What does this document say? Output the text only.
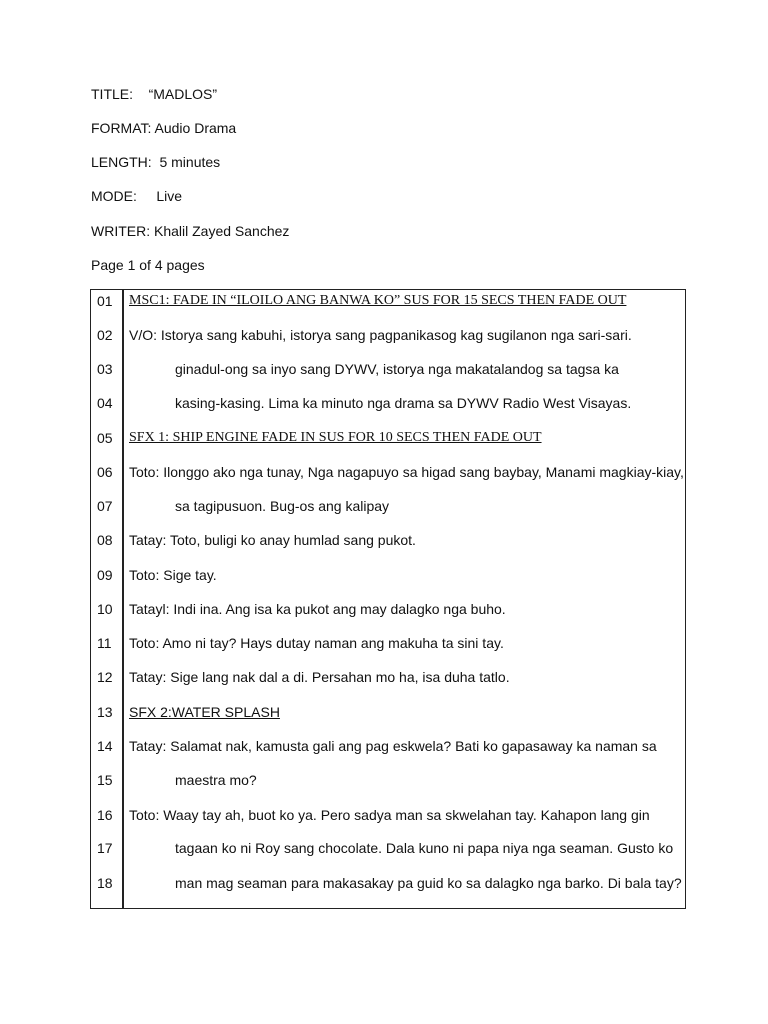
TITLE:    “MADLOS”
FORMAT: Audio Drama
LENGTH:  5 minutes
MODE:     Live
WRITER: Khalil Zayed Sanchez
Page 1 of 4 pages
01	MSC1: FADE IN “ILOILO ANG BANWA KO” SUS FOR 15 SECS THEN FADE OUT
02	V/O: Istorya sang kabuhi, istorya sang pagpanikasog kag sugilanon nga sari-sari.
03	ginadul-ong sa inyo sang DYWV, istorya nga makatalandog sa tagsa ka
04	kasing-kasing. Lima ka minuto nga drama sa DYWV Radio West Visayas.
05	SFX 1: SHIP ENGINE FADE IN SUS FOR 10 SECS THEN FADE OUT
06	Toto: Ilonggo ako nga tunay, Nga nagapuyo sa higad sang baybay, Manami magkiay-kiay,
07	sa tagipusuon. Bug-os ang kalipay
08	Tatay: Toto, buligi ko anay humlad sang pukot.
09	Toto: Sige tay.
10	Tatayl: Indi ina. Ang isa ka pukot ang may dalagko nga buho.
11	Toto: Amo ni tay? Hays dutay naman ang makuha ta sini tay.
12	Tatay: Sige lang nak dal a di. Persahan mo ha, isa duha tatlo.
13	SFX 2:WATER SPLASH
14	Tatay: Salamat nak, kamusta gali ang pag eskwela? Bati ko gapasaway ka naman sa
15	maestra mo?
16	Toto: Waay tay ah, buot ko ya. Pero sadya man sa skwelahan tay. Kahapon lang gin
17	tagaan ko ni Roy sang chocolate. Dala kuno ni papa niya nga seaman. Gusto ko
18	man mag seaman para makasakay pa guid ko sa dalagko nga barko. Di bala tay?
